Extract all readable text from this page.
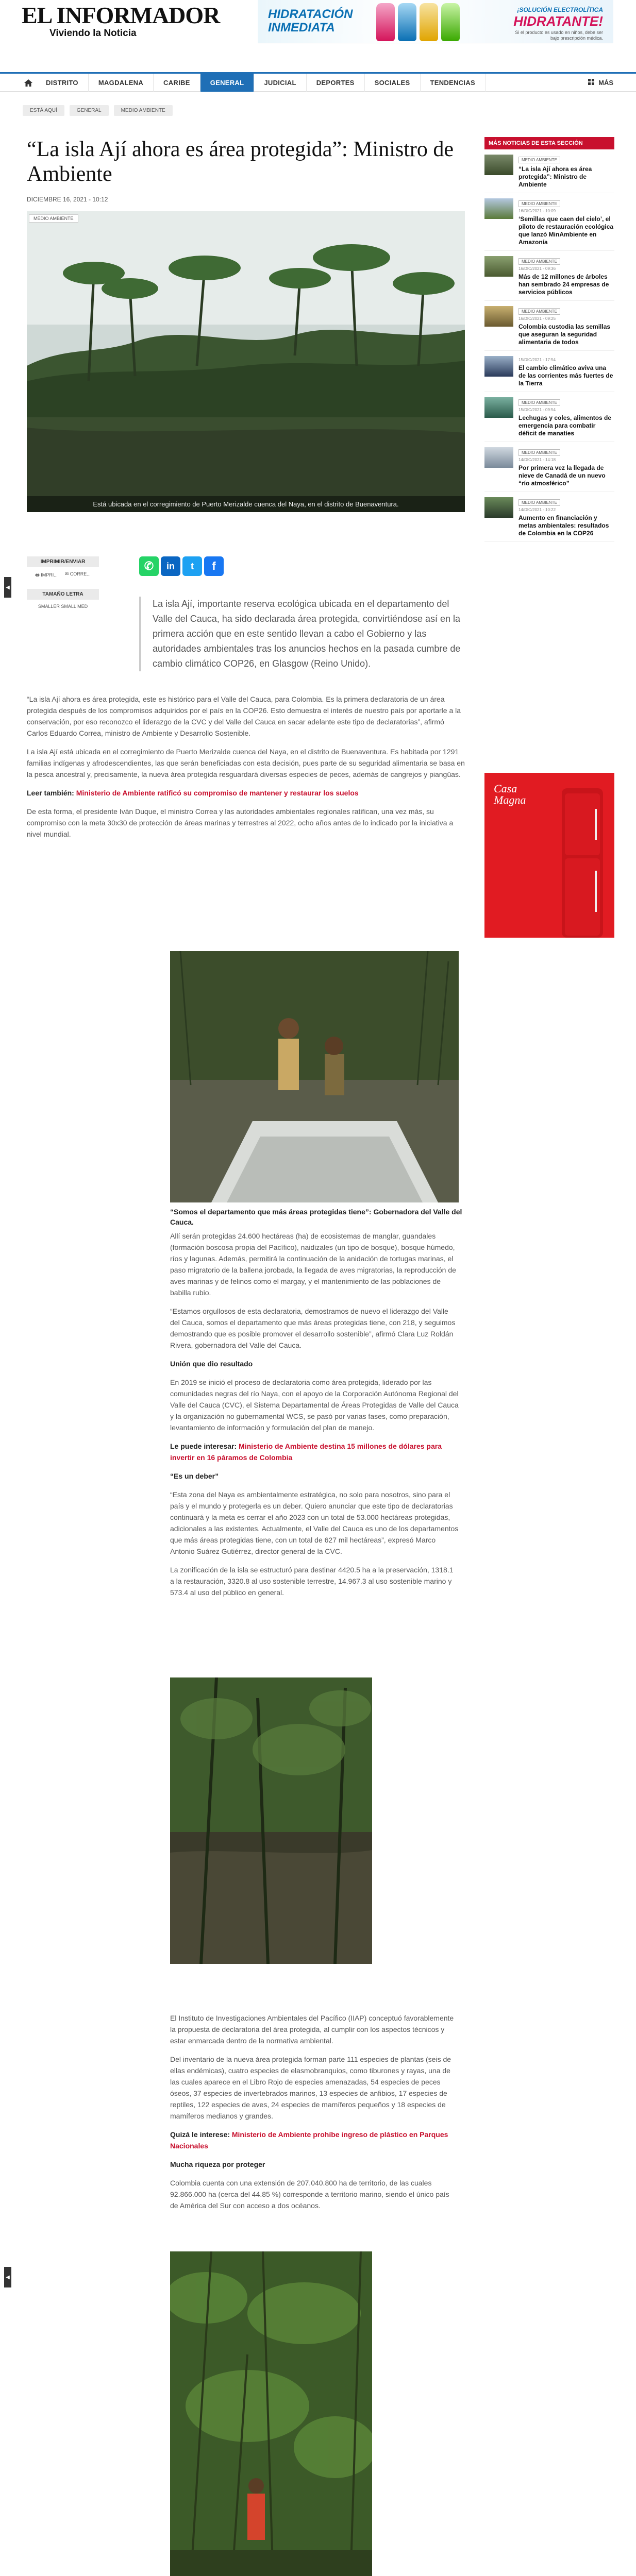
EL INFORMADOR
Viviendo la Noticia
HIDRATACIÓN
INMEDIATA
¡SOLUCIÓN ELECTROLÍTICA
HIDRATANTE!
Si el producto es usado en niños, debe ser bajo prescripción médica.
DISTRITO	MAGDALENA	CARIBE	GENERAL	JUDICIAL	DEPORTES	SOCIALES	TENDENCIAS	MÁS
ESTÁ AQUÍ	GENERAL	MEDIO AMBIENTE
“La isla Ají ahora es área protegida”: Ministro de Ambiente
DICIEMBRE 16, 2021 - 10:12
MEDIO AMBIENTE
Está ubicada en el corregimiento de Puerto Merizalde cuenca del Naya, en el distrito de Buenaventura.
IMPRIMIR/ENVIAR
🖶 IMPRI... ✉ CORRE...
TAMAÑO LETRA
SMALLER SMALL MED
✆	in	t	f
La isla Ají, importante reserva ecológica ubicada en el departamento del Valle del Cauca, ha sido declarada área protegida, convirtiéndose así en la primera acción que en este sentido llevan a cabo el Gobierno y las autoridades ambientales tras los anuncios hechos en la pasada cumbre de cambio climático COP26, en Glasgow (Reino Unido).

“La isla Ají ahora es área protegida, este es histórico para el Valle del Cauca, para Colombia. Es la primera declaratoria de un área protegida después de los compromisos adquiridos por el país en la COP26. Esto demuestra el interés de nuestro país por aportarle a la conservación, por eso reconozco el liderazgo de la CVC y del Valle del Cauca en sacar adelante este tipo de declaratorias”, afirmó Carlos Eduardo Correa, ministro de Ambiente y Desarrollo Sostenible.

La isla Ají está ubicada en el corregimiento de Puerto Merizalde cuenca del Naya, en el distrito de Buenaventura. Es habitada por 1291 familias indígenas y afrodescendientes, las que serán beneficiadas con esta decisión, pues parte de su seguridad alimentaria se basa en la pesca ancestral y, precisamente, la nueva área protegida resguardará diversas especies de peces, además de cangrejos y piangüas.

Leer también: Ministerio de Ambiente ratificó su compromiso de mantener y restaurar los suelos

De esta forma, el presidente Iván Duque, el ministro Correa y las autoridades ambientales regionales ratifican, una vez más, su compromiso con la meta 30x30 de protección de áreas marinas y terrestres al 2022, ocho años antes de lo indicado por la iniciativa a nivel mundial.

“Somos el departamento que más áreas protegidas tiene”: Gobernadora del Valle del Cauca.

Allí serán protegidas 24.600 hectáreas (ha) de ecosistemas de manglar, guandales (formación boscosa propia del Pacífico), naidizales (un tipo de bosque), bosque húmedo, ríos y lagunas. Además, permitirá la continuación de la anidación de tortugas marinas, el paso migratorio de la ballena jorobada, la llegada de aves migratorias, la reproducción de aves marinas y de felinos como el margay, y el mantenimiento de las poblaciones de babilla rubio.

“Estamos orgullosos de esta declaratoria, demostramos de nuevo el liderazgo del Valle del Cauca, somos el departamento que más áreas protegidas tiene, con 218, y seguimos demostrando que es posible promover el desarrollo sostenible”, afirmó Clara Luz Roldán Rivera, gobernadora del Valle del Cauca.

Unión que dio resultado

En 2019 se inició el proceso de declaratoria como área protegida, liderado por las comunidades negras del río Naya, con el apoyo de la Corporación Autónoma Regional del Valle del Cauca (CVC), el Sistema Departamental de Áreas Protegidas de Valle del Cauca y la organización no gubernamental WCS, se pasó por varias fases, como preparación, levantamiento de información y formulación del plan de manejo.

Le puede interesar: Ministerio de Ambiente destina 15 millones de dólares para invertir en 16 páramos de Colombia

“Es un deber”

“Esta zona del Naya es ambientalmente estratégica, no solo para nosotros, sino para el país y el mundo y protegerla es un deber. Quiero anunciar que este tipo de declaratorias continuará y la meta es cerrar el año 2023 con un total de 53.000 hectáreas protegidas, adicionales a las existentes. Actualmente, el Valle del Cauca es uno de los departamentos que más áreas protegidas tiene, con un total de 627 mil hectáreas”, expresó Marco Antonio Suárez Gutiérrez, director general de la CVC.

La zonificación de la isla se estructuró para destinar 4420.5 ha a la preservación, 1318.1 a la restauración, 3320.8 al uso sostenible terrestre, 14.967.3 al uso sostenible marino y 573.4 al uso del público en general.

El Instituto de Investigaciones Ambientales del Pacífico (IIAP) conceptuó favorablemente la propuesta de declaratoria del área protegida, al cumplir con los aspectos técnicos y estar enmarcada dentro de la normativa ambiental.

Del inventario de la nueva área protegida forman parte 111 especies de plantas (seis de ellas endémicas), cuatro especies de elasmobranquios, como tiburones y rayas, una de las cuales aparece en el Libro Rojo de especies amenazadas, 54 especies de peces óseos, 37 especies de invertebrados marinos, 13 especies de anfibios, 17 especies de reptiles, 122 especies de aves, 24 especies de mamíferos pequeños y 18 especies de mamíferos medianos y grandes.

Quizá le interese: Ministerio de Ambiente prohíbe ingreso de plástico en Parques Nacionales

Mucha riqueza por proteger

Colombia cuenta con una extensión de 207.040.800 ha de territorio, de las cuales 92.866.000 ha (cerca del 44.85 %) corresponde a territorio marino, siendo el único país de América del Sur con acceso a dos océanos.

MÁS NOTICIAS DE ESTA SECCIÓN
MEDIO AMBIENTE
“La isla Ají ahora es área protegida”: Ministro de Ambiente
MEDIO AMBIENTE
16/DIC/2021 - 10:09
‘Semillas que caen del cielo’, el piloto de restauración ecológica que lanzó MinAmbiente en Amazonía
MEDIO AMBIENTE
16/DIC/2021 - 09:36
Más de 12 millones de árboles han sembrado 24 empresas de servicios públicos
MEDIO AMBIENTE
16/DIC/2021 - 09:25
Colombia custodia las semillas que aseguran la seguridad alimentaria de todos
15/DIC/2021 - 17:54
El cambio climático aviva una de las corrientes más fuertes de la Tierra
MEDIO AMBIENTE
15/DIC/2021 - 09:54
Lechugas y coles, alimentos de emergencia para combatir déficit de manatíes
MEDIO AMBIENTE
14/DIC/2021 - 14:18
Por primera vez la llegada de nieve de Canadá de un nuevo “río atmosférico”
MEDIO AMBIENTE
14/DIC/2021 - 10:22
Aumento en financiación y metas ambientales: resultados de Colombia en la COP26
Casa
Magna
◀
◀
